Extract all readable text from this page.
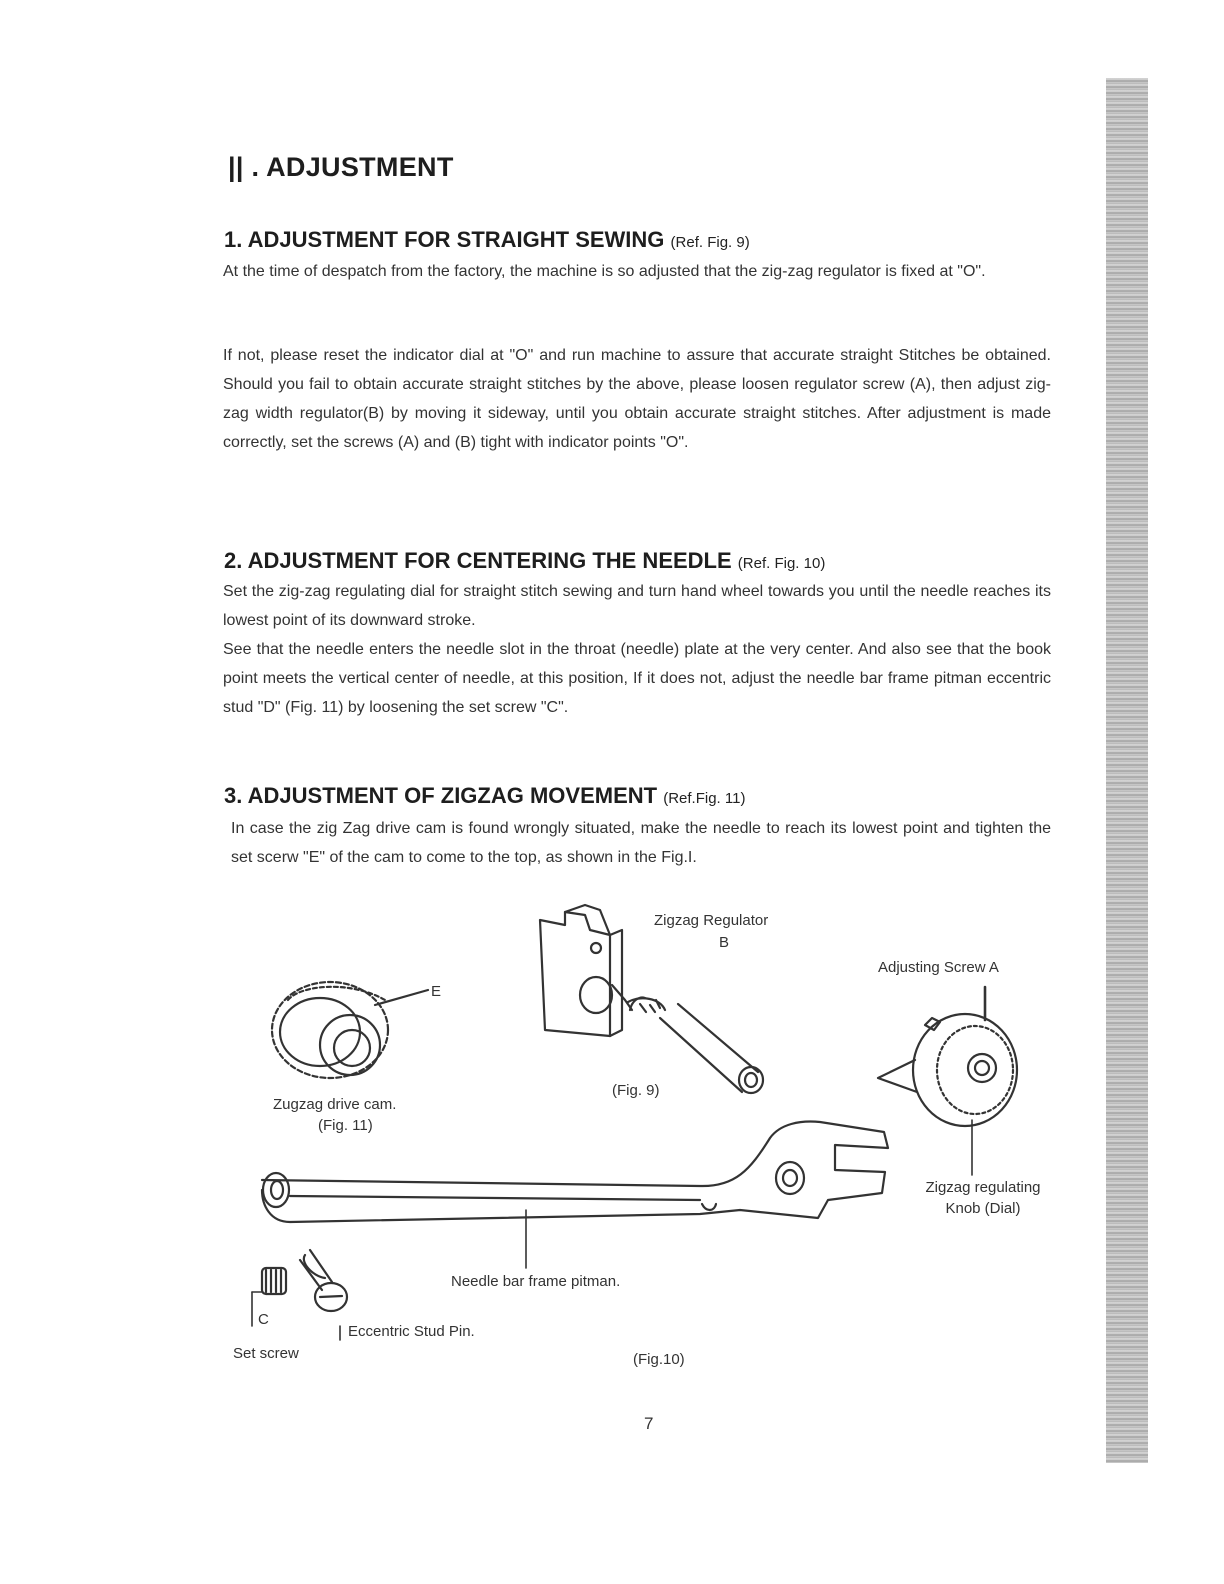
|| . ADJUSTMENT
1. ADJUSTMENT FOR STRAIGHT SEWING (Ref. Fig. 9)

At the time of despatch from the factory, the machine is so adjusted that the zig-zag regulator is fixed at "O".

If not, please reset the indicator dial at "O" and run machine to assure that accurate straight Stitches be obtained. Should you fail to obtain accurate straight stitches by the above, please loosen regulator screw (A), then adjust zig-zag width regulator(B) by moving it sideway, until you obtain accurate straight stitches. After adjustment is made correctly, set the screws (A) and (B) tight with indicator points "O".

2. ADJUSTMENT FOR CENTERING THE NEEDLE (Ref. Fig. 10)

Set the zig-zag regulating dial for straight stitch sewing and turn hand wheel towards you until the needle reaches its lowest point of its downward stroke.

See that the needle enters the needle slot in the throat (needle) plate at the very center. And also see that the book point meets the vertical center of needle, at this position, If it does not, adjust the needle bar frame pitman eccentric stud "D" (Fig. 11) by loosening the set screw "C".

3. ADJUSTMENT OF ZIGZAG MOVEMENT (Ref.Fig. 11)

In case the zig Zag drive cam is found wrongly situated, make the needle to reach its lowest point and tighten the set scerw "E" of the cam to come to the top, as shown in the Fig.I.

Zigzag Regulator

B

Adjusting Screw A

E

Zugzag drive cam.

(Fig. 11)

(Fig. 9)

Zigzag regulating

Knob (Dial)

Needle bar frame pitman.

C

Set screw

Eccentric Stud Pin.

(Fig.10)

7
